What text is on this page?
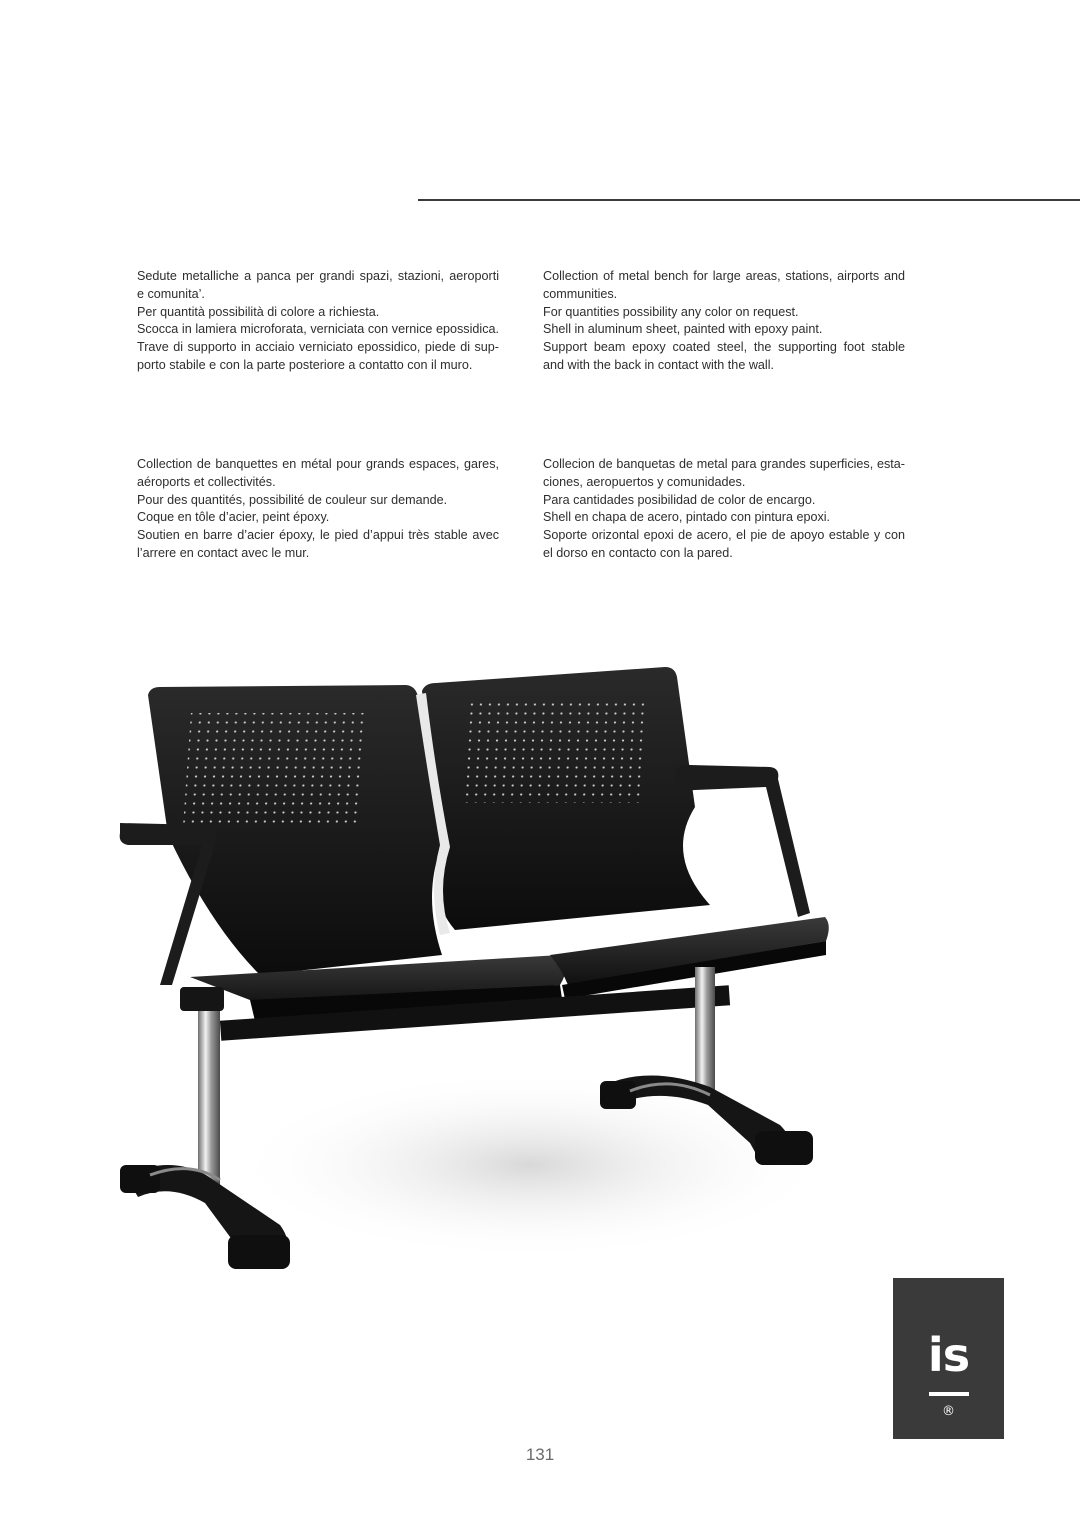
Sedute metalliche a panca per grandi spazi, stazioni, aeroporti
e comunita’.
Per quantità possibilità di colore a richiesta.
Scocca in lamiera microforata, verniciata con vernice epossidica.
Trave di supporto in acciaio verniciato epossidico, piede di sup-
porto stabile e con la parte posteriore a contatto con il muro.
Collection of metal bench for large areas, stations, airports and
communities.
For quantities possibility any color on request.
Shell in aluminum sheet, painted with epoxy paint.
Support beam epoxy coated steel, the supporting foot stable
and with the back in contact with the wall.
Collection de banquettes en métal pour grands espaces, gares,
aéroports et collectivités.
Pour des quantités, possibilité de couleur sur demande.
Coque en tôle d’acier, peint époxy.
Soutien en barre d’acier époxy, le pied d’appui très stable avec
l’arrere en contact avec le mur.
Collecion de banquetas de metal para grandes superficies, esta-
ciones, aeropuertos y comunidades.
Para cantidades posibilidad de color de encargo.
Shell en chapa de acero, pintado con pintura epoxi.
Soporte orizontal epoxi de acero, el pie de apoyo estable y con
el dorso en contacto con la pared.
is
®
131
